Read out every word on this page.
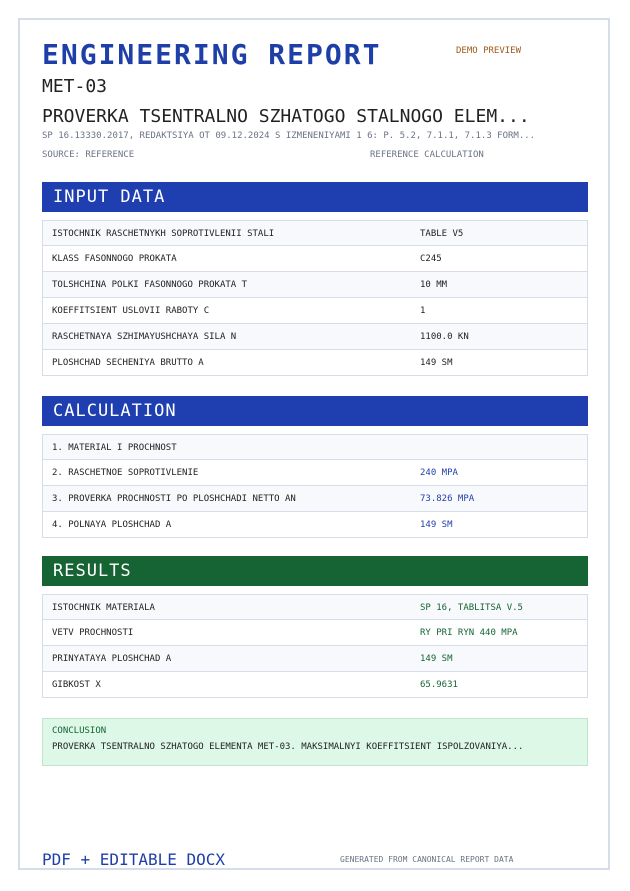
ENGINEERING REPORT	DEMO PREVIEW
MET-03
PROVERKA TSENTRALNO SZHATOGO STALNOGO ELEM...
SP 16.13330.2017, REDAKTSIYA OT 09.12.2024 S IZMENENIYAMI 1 6: P. 5.2, 7.1.1, 7.1.3 FORM...
SOURCE: REFERENCE	REFERENCE CALCULATION
INPUT DATA
ISTOCHNIK RASCHETNYKH SOPROTIVLENII STALI	TABLE V5
KLASS FASONNOGO PROKATA	C245
TOLSHCHINA POLKI FASONNOGO PROKATA T	10 MM
KOEFFITSIENT USLOVII RABOTY C	1
RASCHETNAYA SZHIMAYUSHCHAYA SILA N	1100.0 KN
PLOSHCHAD SECHENIYA BRUTTO A	149 SM
CALCULATION
1. MATERIAL I PROCHNOST
2. RASCHETNOE SOPROTIVLENIE	240 MPA
3. PROVERKA PROCHNOSTI PO PLOSHCHADI NETTO AN	73.826 MPA
4. POLNAYA PLOSHCHAD A	149 SM
RESULTS
ISTOCHNIK MATERIALA	SP 16, TABLITSA V.5
VETV PROCHNOSTI	RY PRI RYN 440 MPA
PRINYATAYA PLOSHCHAD A	149 SM
GIBKOST X	65.9631
CONCLUSION
PROVERKA TSENTRALNO SZHATOGO ELEMENTA MET-03. MAKSIMALNYI KOEFFITSIENT ISPOLZOVANIYA...
PDF + EDITABLE DOCX	GENERATED FROM CANONICAL REPORT DATA
